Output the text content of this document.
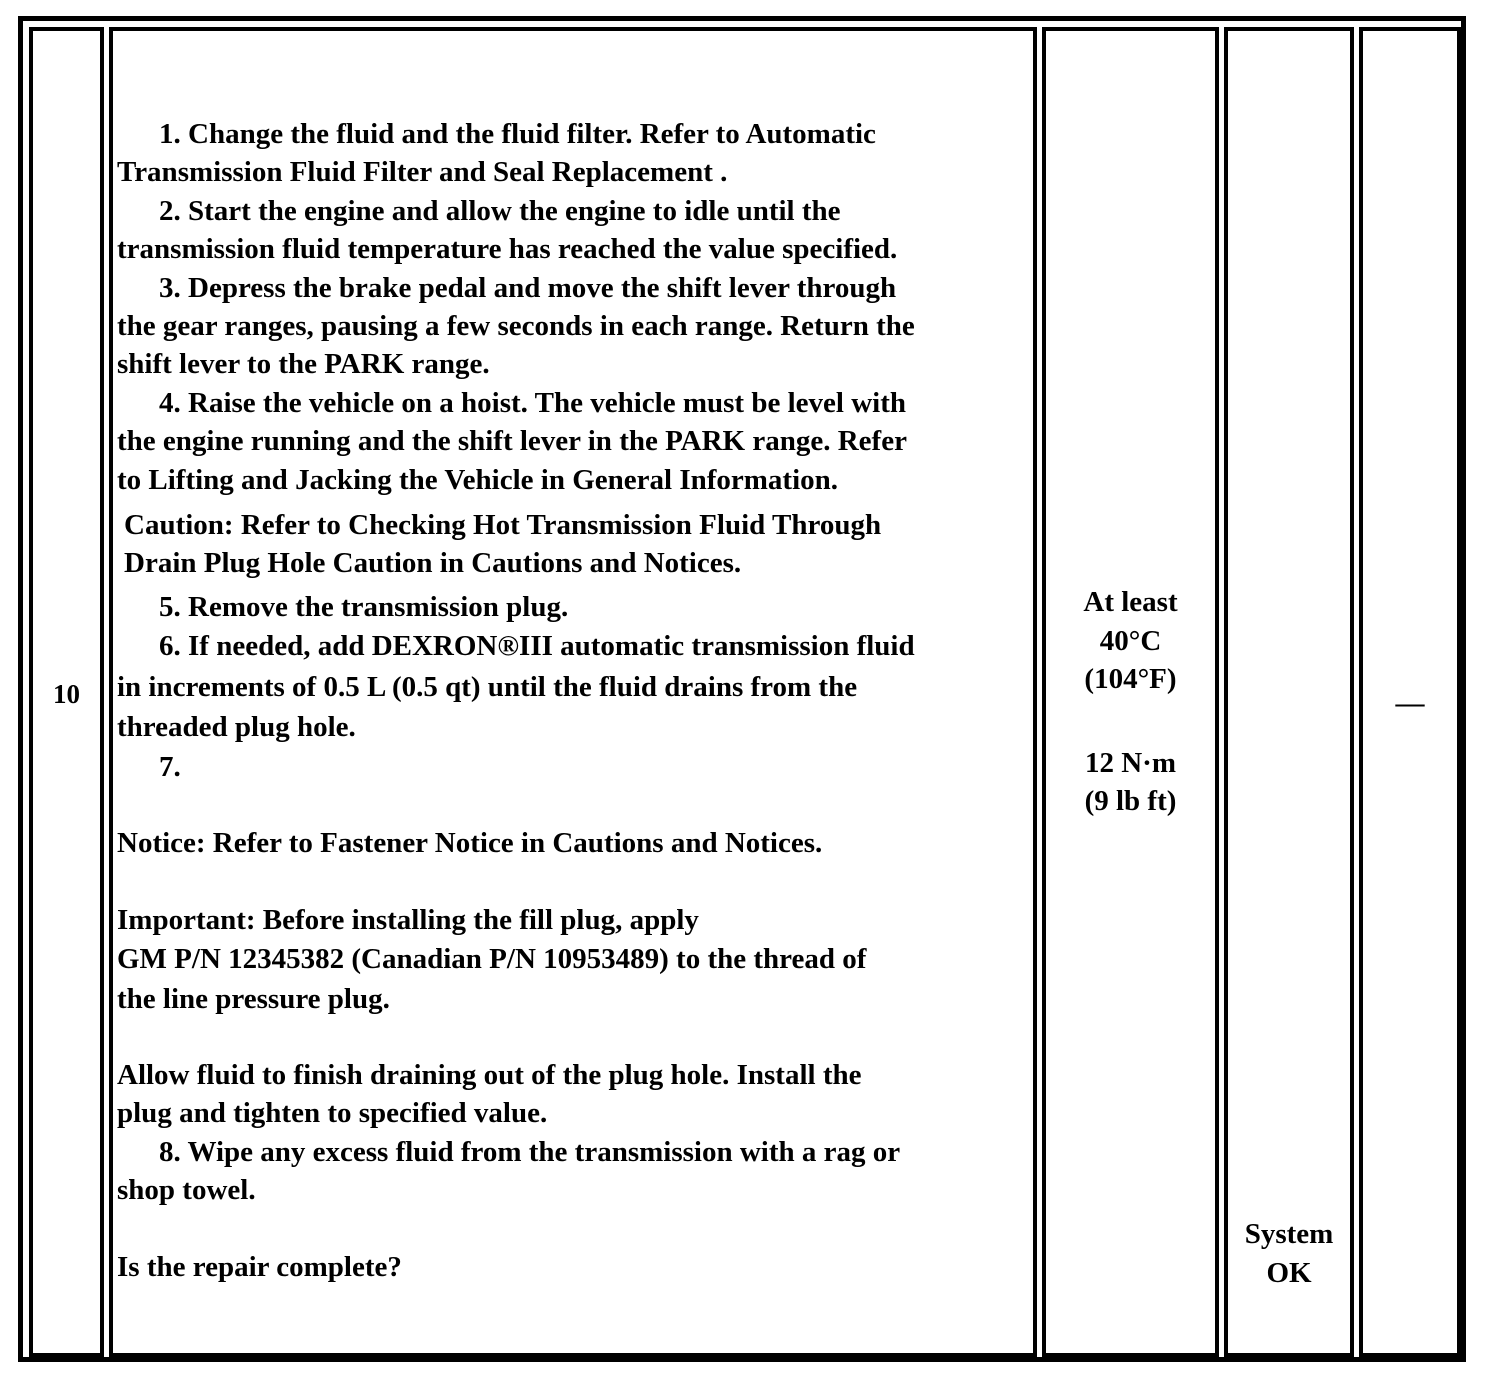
10
1. Change the fluid and the fluid filter. Refer to Automatic
Transmission Fluid Filter and Seal Replacement .
2. Start the engine and allow the engine to idle until the
transmission fluid temperature has reached the value specified.
3. Depress the brake pedal and move the shift lever through
the gear ranges, pausing a few seconds in each range. Return the
shift lever to the PARK range.
4. Raise the vehicle on a hoist. The vehicle must be level with
the engine running and the shift lever in the PARK range. Refer
to Lifting and Jacking the Vehicle in General Information.
Caution: Refer to Checking Hot Transmission Fluid Through
Drain Plug Hole Caution in Cautions and Notices.
5. Remove the transmission plug.
6. If needed, add DEXRON®III automatic transmission fluid
in increments of 0.5 L (0.5 qt) until the fluid drains from the
threaded plug hole.
7.
Notice: Refer to Fastener Notice in Cautions and Notices.
Important: Before installing the fill plug, apply
GM P/N 12345382 (Canadian P/N 10953489) to the thread of
the line pressure plug.
Allow fluid to finish draining out of the plug hole. Install the
plug and tighten to specified value.
8. Wipe any excess fluid from the transmission with a rag or
shop towel.
Is the repair complete?
At least
40°C
(104°F)
12 N·m
(9 lb ft)
System
OK
—
